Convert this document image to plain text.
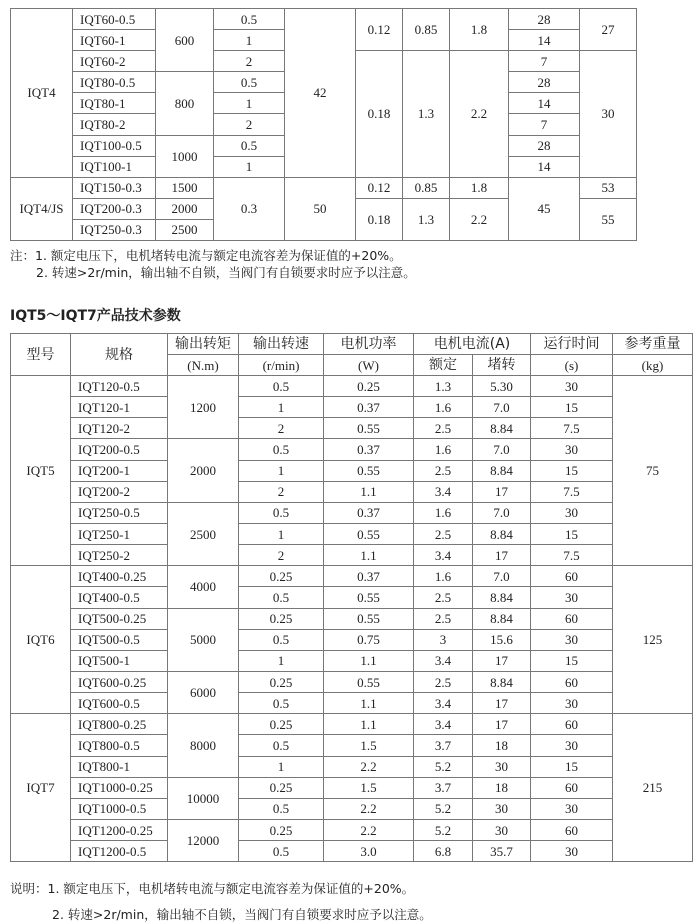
IQT4	IQT60-0.5	600	0.5	42	0.12	0.85	1.8	28	27
	IQT60-1		1					14	
	IQT60-2		2		0.18	1.3	2.2	7	30
	IQT80-0.5	800	0.5					28	
	IQT80-1		1					14	
	IQT80-2		2					7	
	IQT100-0.5	1000	0.5					28	
	IQT100-1		1					14	
IQT4/JS	IQT150-0.3	1500	0.3	50	0.12	0.85	1.8	45	53
	IQT200-0.3	2000			0.18	1.3	2.2		55
	IQT250-0.3	2500							
注：1. 额定电压下，电机堵转电流与额定电流容差为保证值的+20%。
2. 转速>2r/min，输出轴不自锁，当阀门有自锁要求时应予以注意。
IQT5～IQT7产品技术参数
型号	规格	输出转矩	输出转速	电机功率	电机电流(A)		运行时间	参考重量
		(N.m)	(r/min)	(W)	额定	堵转	(s)	(kg)
IQT5	IQT120-0.5	1200	0.5	0.25	1.3	5.30	30	75
	IQT120-1		1	0.37	1.6	7.0	15	
	IQT120-2		2	0.55	2.5	8.84	7.5	
	IQT200-0.5	2000	0.5	0.37	1.6	7.0	30	
	IQT200-1		1	0.55	2.5	8.84	15	
	IQT200-2		2	1.1	3.4	17	7.5	
	IQT250-0.5	2500	0.5	0.37	1.6	7.0	30	
	IQT250-1		1	0.55	2.5	8.84	15	
	IQT250-2		2	1.1	3.4	17	7.5	
IQT6	IQT400-0.25	4000	0.25	0.37	1.6	7.0	60	125
	IQT400-0.5		0.5	0.55	2.5	8.84	30	
	IQT500-0.25	5000	0.25	0.55	2.5	8.84	60	
	IQT500-0.5		0.5	0.75	3	15.6	30	
	IQT500-1		1	1.1	3.4	17	15	
	IQT600-0.25	6000	0.25	0.55	2.5	8.84	60	
	IQT600-0.5		0.5	1.1	3.4	17	30	
IQT7	IQT800-0.25	8000	0.25	1.1	3.4	17	60	215
	IQT800-0.5		0.5	1.5	3.7	18	30	
	IQT800-1		1	2.2	5.2	30	15	
	IQT1000-0.25	10000	0.25	1.5	3.7	18	60	
	IQT1000-0.5		0.5	2.2	5.2	30	30	
	IQT1200-0.25	12000	0.25	2.2	5.2	30	60	
	IQT1200-0.5		0.5	3.0	6.8	35.7	30	
说明：1. 额定电压下，电机堵转电流与额定电流容差为保证值的+20%。
2. 转速>2r/min，输出轴不自锁，当阀门有自锁要求时应予以注意。
